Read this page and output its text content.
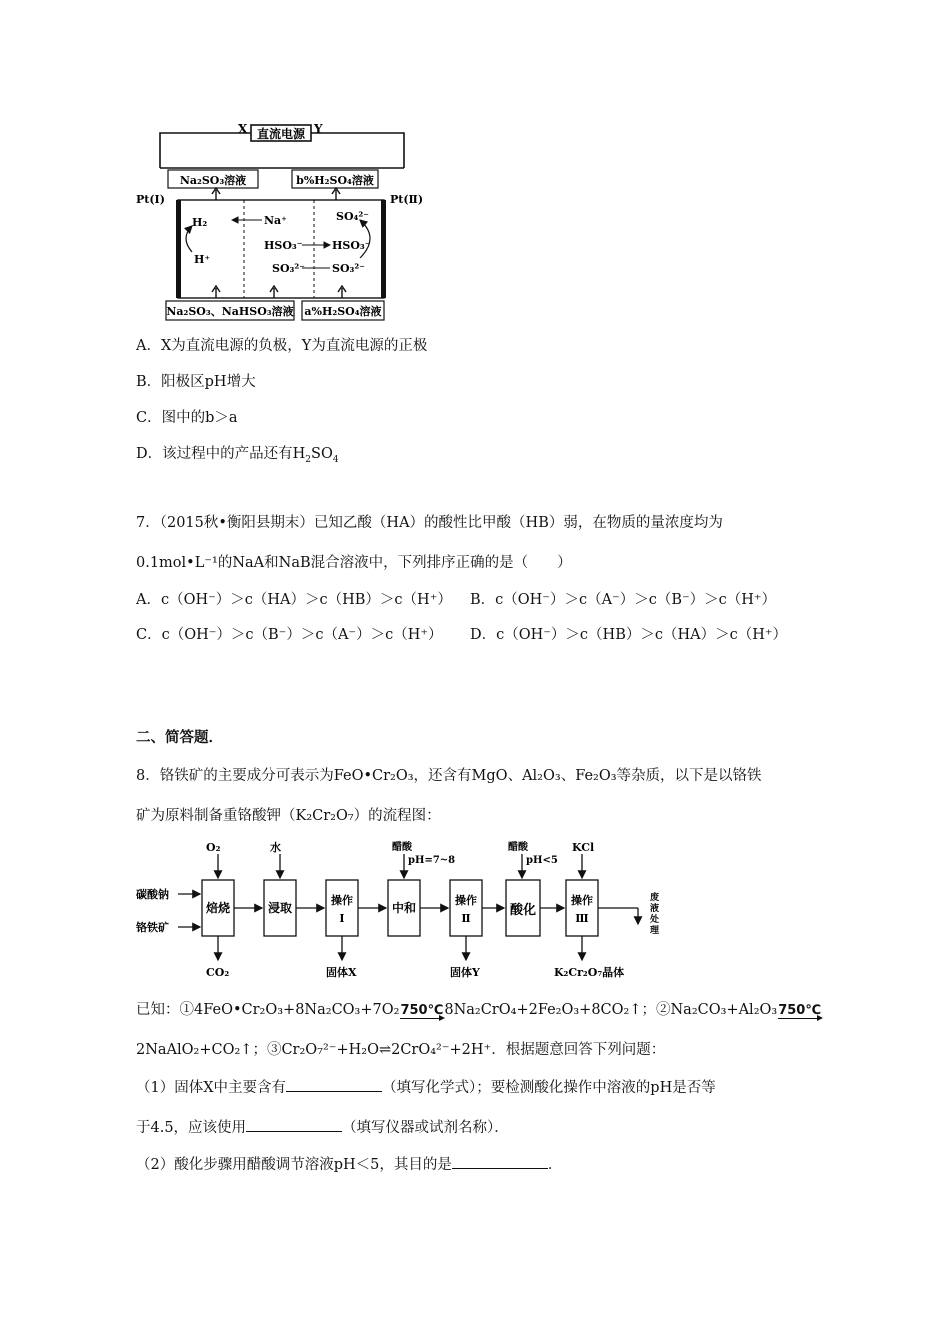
X 直流电源 Y
Pt(Ⅰ)	Pt(Ⅱ)
Na₂SO₃溶液	b%H₂SO₄溶液
H₂
H⁺
Na⁺	SO₄²⁻
HSO₃⁻	HSO₃⁻
SO₃²⁻ SO₃²⁻
Na₂SO₃、NaHSO₃溶液 a%H₂SO₄溶液
A．X为直流电源的负极，Y为直流电源的正极
B．阳极区pH增大
C．图中的b＞a
D．该过程中的产品还有$H_2SO_4$
7．（2015秋•衡阳县期末）已知乙酸（HA）的酸性比甲酸（HB）弱，在物质的量浓度均为
0.1mol•L⁻¹的NaA和NaB混合溶液中，下列排序正确的是（　　）
A．c（OH⁻）＞c（HA）＞c（HB）＞c（H⁺） B．c（OH⁻）＞c（A⁻）＞c（B⁻）＞c（H⁺）
C．c（OH⁻）＞c（B⁻）＞c（A⁻）＞c（H⁺） D．c（OH⁻）＞c（HB）＞c（HA）＞c（H⁺）
二、简答题．
8．铬铁矿的主要成分可表示为FeO•Cr₂O₃，还含有MgO、Al₂O₃、Fe₂O₃等杂质，以下是以铬铁
矿为原料制备重铬酸钾（K₂Cr₂O₇）的流程图：
碳酸钠
铬铁矿
焙烧	浸取
操作
Ⅰ
中和
操作
Ⅱ
酸化
操作
Ⅲ
废液处理
O₂	水	醋酸
pH=7~8
醋酸
pH<5
KCl
CO₂	固体X	固体Y	K₂Cr₂O₇晶体
已知：①4FeO•Cr₂O₃+8Na₂CO₃+7O₂ 750℃ 8Na₂CrO₄+2Fe₂O₃+8CO₂↑；②Na₂CO₃+Al₂O₃ 750℃
2NaAlO₂+CO₂↑；③Cr₂O₇²⁻+H₂O⇌2CrO₄²⁻+2H⁺．根据题意回答下列问题：
（1）固体X中主要含有	（填写化学式）；要检测酸化操作中溶液的pH是否等
于4.5，应该使用	（填写仪器或试剂名称）．
（2）酸化步骤用醋酸调节溶液pH＜5，其目的是	．
